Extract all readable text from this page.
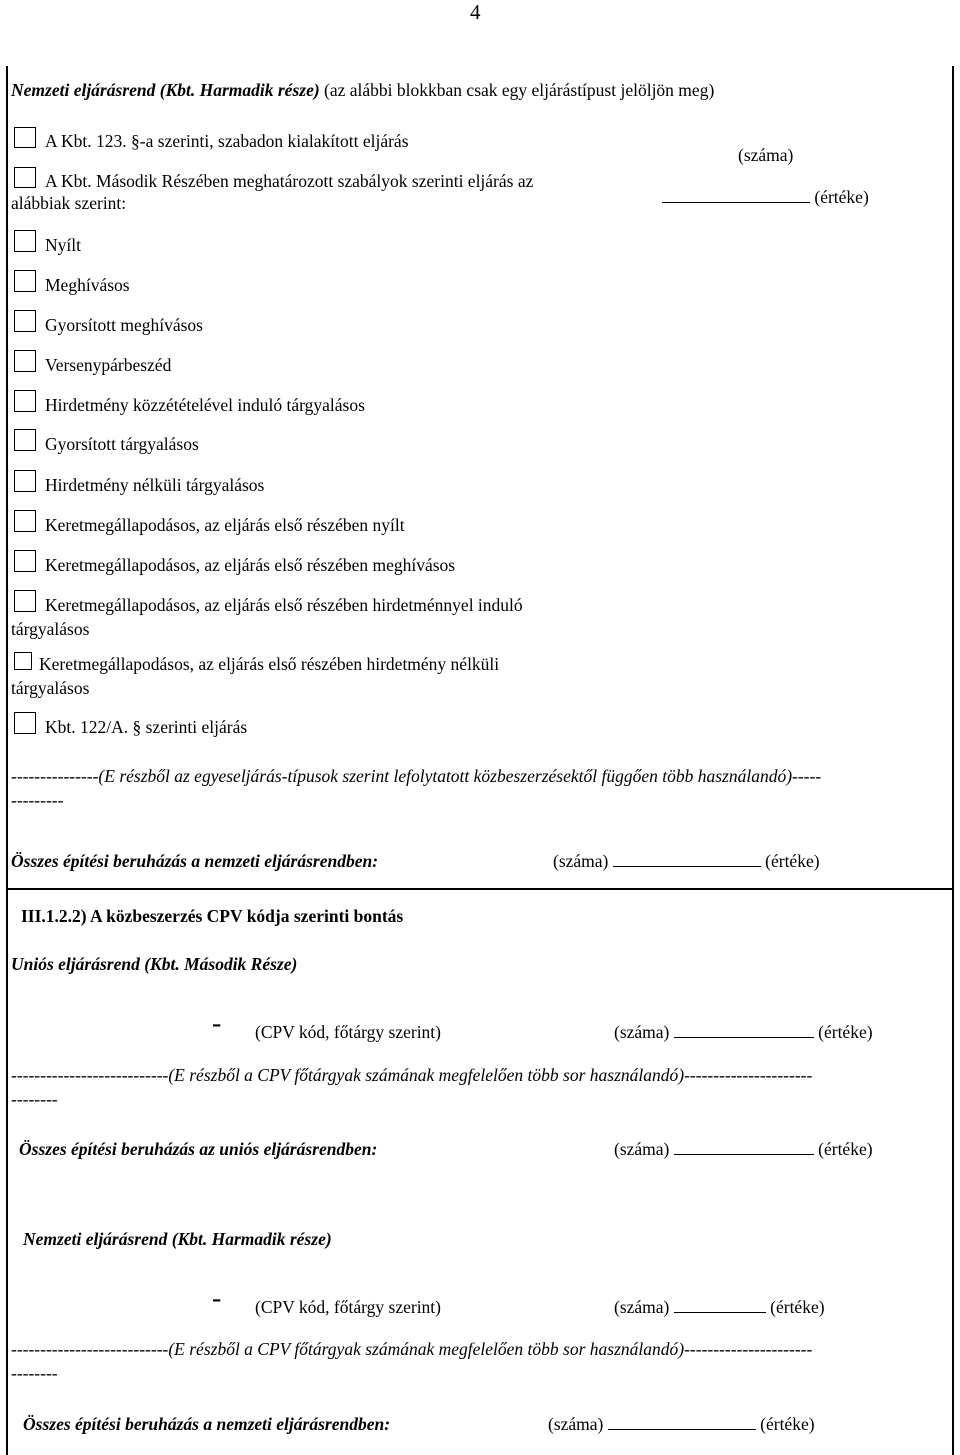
4
Nemzeti eljárásrend (Kbt. Harmadik része) (az alábbi blokkban csak egy eljárástípust jelöljön meg)
A Kbt. 123. §-a szerinti, szabadon kialakított eljárás
(száma)
A Kbt. Második Részében meghatározott szabályok szerinti eljárás az
alábbiak szerint:	(értéke)
Nyílt
Meghívásos
Gyorsított meghívásos
Versenypárbeszéd
Hirdetmény közzétételével induló tárgyalásos
Gyorsított tárgyalásos
Hirdetmény nélküli tárgyalásos
Keretmegállapodásos, az eljárás első részében nyílt
Keretmegállapodásos, az eljárás első részében meghívásos
Keretmegállapodásos, az eljárás első részében hirdetménnyel induló
tárgyalásos
Keretmegállapodásos, az eljárás első részében hirdetmény nélküli
tárgyalásos
Kbt. 122/A. § szerinti eljárás
---------------(E részből az egyeseljárás-típusok szerint lefolytatott közbeszerzésektől függően több használandó)-----
---------
Összes építési beruházás a nemzeti eljárásrendben:	(száma)	(értéke)
III.1.2.2) A közbeszerzés CPV kódja szerinti bontás
Uniós eljárásrend (Kbt. Második Része)
- (CPV kód, főtárgy szerint)	(száma)	(értéke)
---------------------------(E részből a CPV főtárgyak számának megfelelően több sor használandó)----------------------
--------
Összes építési beruházás az uniós eljárásrendben:	(száma)	(értéke)
Nemzeti eljárásrend (Kbt. Harmadik része)
- (CPV kód, főtárgy szerint)	(száma)	(értéke)
---------------------------(E részből a CPV főtárgyak számának megfelelően több sor használandó)----------------------
--------
Összes építési beruházás a nemzeti eljárásrendben:	(száma)	(értéke)
